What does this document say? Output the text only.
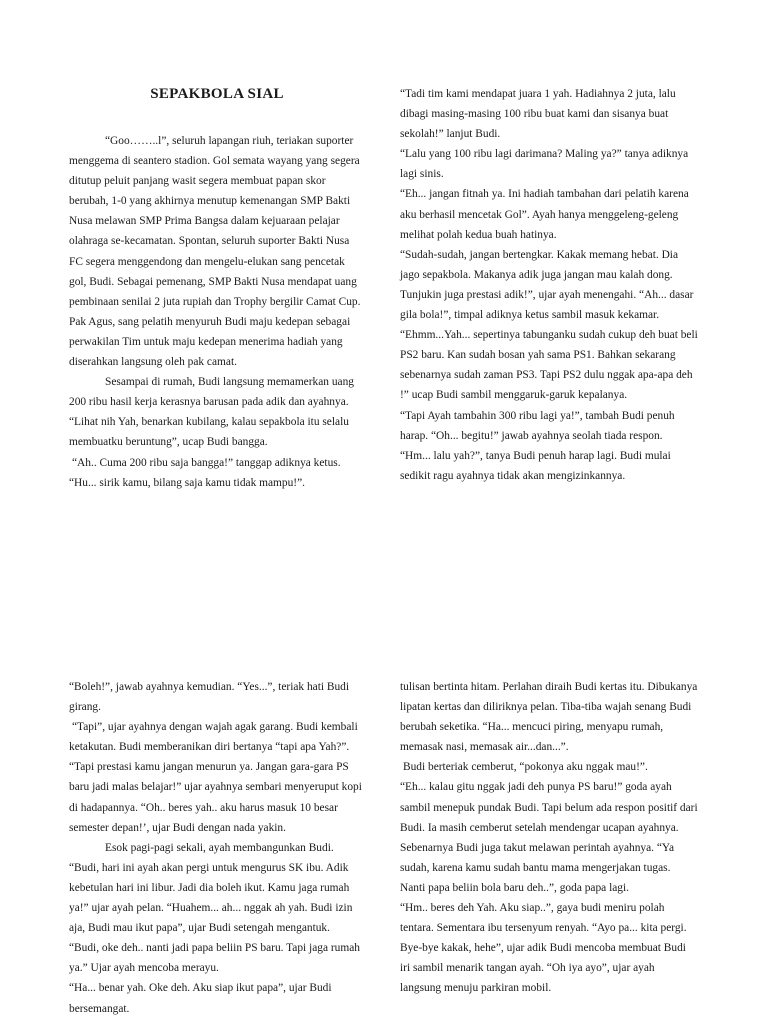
SEPAKBOLA SIAL

“Goo……..l”, seluruh lapangan riuh, teriakan suporter menggema di seantero stadion. Gol semata wayang yang segera ditutup peluit panjang wasit segera membuat papan skor berubah, 1-0 yang akhirnya menutup kemenangan SMP Bakti Nusa melawan SMP Prima Bangsa dalam kejuaraan pelajar olahraga se-kecamatan. Spontan, seluruh suporter Bakti Nusa FC segera menggendong dan mengelu-elukan sang pencetak gol, Budi. Sebagai pemenang, SMP Bakti Nusa mendapat uang pembinaan senilai 2 juta rupiah dan Trophy bergilir Camat Cup. Pak Agus, sang pelatih menyuruh Budi maju kedepan sebagai perwakilan Tim untuk maju kedepan menerima hadiah yang diserahkan langsung oleh pak camat.

Sesampai di rumah, Budi langsung memamerkan uang 200 ribu hasil kerja kerasnya barusan pada adik dan ayahnya.

“Lihat nih Yah, benarkan kubilang, kalau sepakbola itu selalu membuatku beruntung”, ucap Budi bangga.

“Ah.. Cuma 200 ribu saja bangga!” tanggap adiknya ketus.

“Hu... sirik kamu, bilang saja kamu tidak mampu!”.

“Tadi tim kami mendapat juara 1 yah. Hadiahnya 2 juta, lalu dibagi masing-masing 100 ribu buat kami dan sisanya buat sekolah!” lanjut Budi.

“Lalu yang 100 ribu lagi darimana? Maling ya?” tanya adiknya lagi sinis.

“Eh... jangan fitnah ya. Ini hadiah tambahan dari pelatih karena aku berhasil mencetak Gol”. Ayah hanya menggeleng-geleng melihat polah kedua buah hatinya.

“Sudah-sudah, jangan bertengkar. Kakak memang hebat. Dia jago sepakbola. Makanya adik juga jangan mau kalah dong. Tunjukin juga prestasi adik!”, ujar ayah menengahi. “Ah... dasar gila bola!”, timpal adiknya ketus sambil masuk kekamar.

“Ehmm...Yah... sepertinya tabunganku sudah cukup deh buat beli PS2 baru. Kan sudah bosan yah sama PS1. Bahkan sekarang sebenarnya sudah zaman PS3. Tapi PS2 dulu nggak apa-apa deh !” ucap Budi sambil menggaruk-garuk kepalanya.

“Tapi Ayah tambahin 300 ribu lagi ya!”, tambah Budi penuh harap. “Oh... begitu!” jawab ayahnya seolah tiada respon.

“Hm... lalu yah?”, tanya Budi penuh harap lagi. Budi mulai sedikit ragu ayahnya tidak akan mengizinkannya.

“Boleh!”, jawab ayahnya kemudian. “Yes...”, teriak hati Budi girang.

“Tapi”, ujar ayahnya dengan wajah agak garang. Budi kembali ketakutan. Budi memberanikan diri bertanya “tapi apa Yah?”.

“Tapi prestasi kamu jangan menurun ya. Jangan gara-gara PS baru jadi malas belajar!” ujar ayahnya sembari menyeruput kopi di hadapannya. “Oh.. beres yah.. aku harus masuk 10 besar semester depan!’, ujar Budi dengan nada yakin.

Esok pagi-pagi sekali, ayah membangunkan Budi.

“Budi, hari ini ayah akan pergi untuk mengurus SK ibu. Adik kebetulan hari ini libur. Jadi dia boleh ikut. Kamu jaga rumah ya!” ujar ayah pelan. “Huahem... ah... nggak ah yah. Budi izin aja, Budi mau ikut papa”, ujar Budi setengah mengantuk.

“Budi, oke deh.. nanti jadi papa beliin PS baru. Tapi jaga rumah ya.” Ujar ayah mencoba merayu.

“Ha... benar yah. Oke deh. Aku siap ikut papa”, ujar Budi bersemangat.

tulisan bertinta hitam. Perlahan diraih Budi kertas itu. Dibukanya lipatan kertas dan diliriknya pelan. Tiba-tiba wajah senang Budi berubah seketika. “Ha... mencuci piring, menyapu rumah, memasak nasi, memasak air...dan...”.

Budi berteriak cemberut, “pokonya aku nggak mau!”.

“Eh... kalau gitu nggak jadi deh punya PS baru!” goda ayah sambil menepuk pundak Budi. Tapi belum ada respon positif dari Budi. Ia masih cemberut setelah mendengar ucapan ayahnya. Sebenarnya Budi juga takut melawan perintah ayahnya. “Ya sudah, karena kamu sudah bantu mama mengerjakan tugas. Nanti papa beliin bola baru deh..”, goda papa lagi.

“Hm.. beres deh Yah. Aku siap..”, gaya budi meniru polah tentara. Sementara ibu tersenyum renyah. “Ayo pa... kita pergi. Bye-bye kakak, hehe”, ujar adik Budi mencoba membuat Budi iri sambil menarik tangan ayah. “Oh iya ayo”, ujar ayah langsung menuju parkiran mobil.
